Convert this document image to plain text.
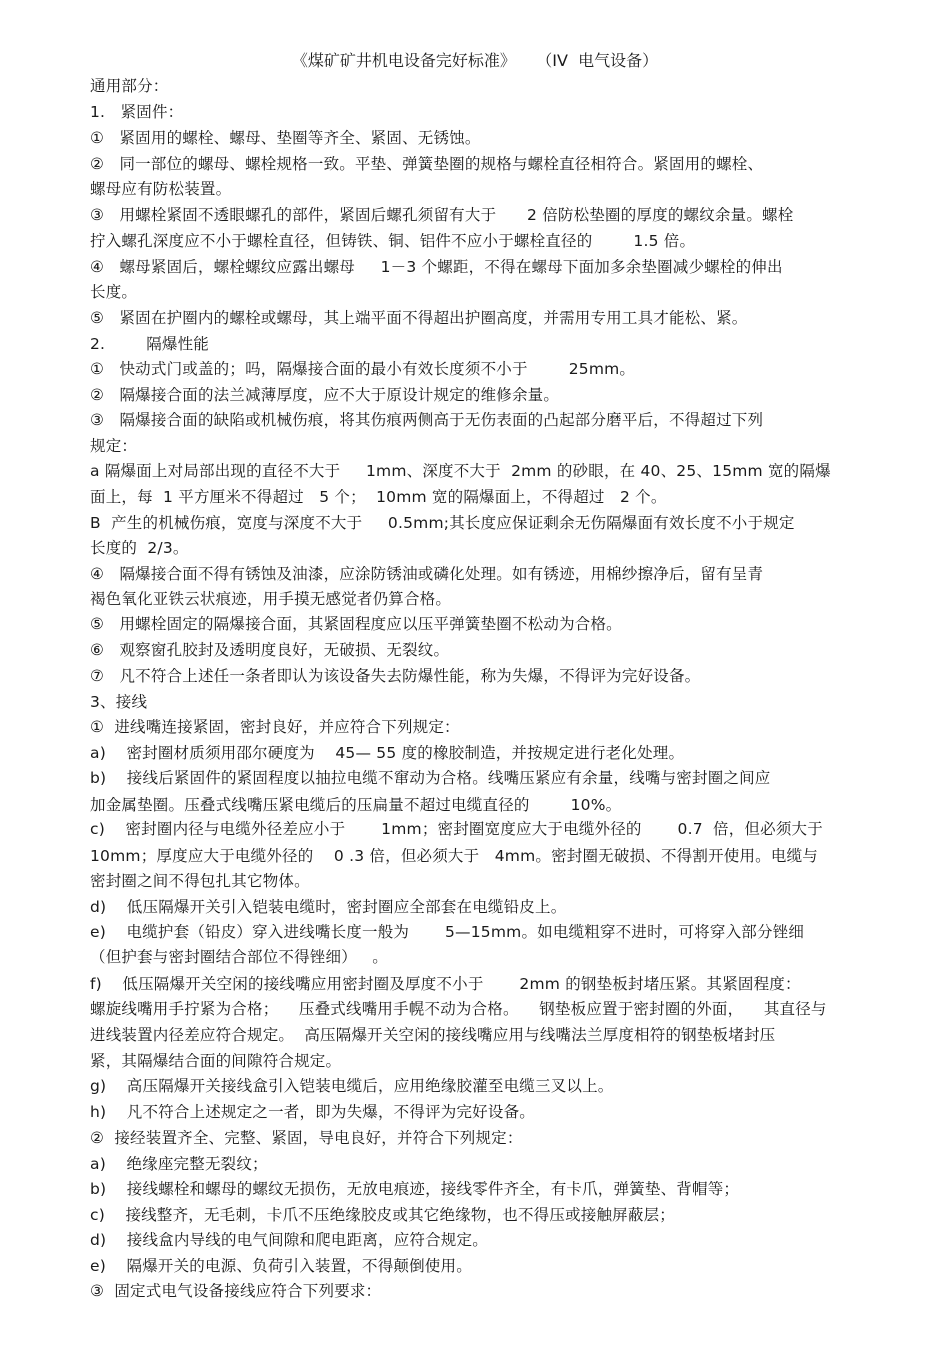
《煤矿矿井机电设备完好标准》    （IV  电气设备）
通用部分：
1.   紧固件：
①   紧固用的螺栓、螺母、垫圈等齐全、紧固、无锈蚀。
②   同一部位的螺母、螺栓规格一致。平垫、弹簧垫圈的规格与螺栓直径相符合。紧固用的螺栓、
螺母应有防松装置。
③   用螺栓紧固不透眼螺孔的部件，紧固后螺孔须留有大于      2 倍防松垫圈的厚度的螺纹余量。螺栓
拧入螺孔深度应不小于螺栓直径，但铸铁、铜、铝件不应小于螺栓直径的        1.5 倍。
④   螺母紧固后，螺栓螺纹应露出螺母     1－3 个螺距，不得在螺母下面加多余垫圈减少螺栓的伸出
长度。
⑤   紧固在护圈内的螺栓或螺母，其上端平面不得超出护圈高度，并需用专用工具才能松、紧。
2.        隔爆性能
①   快动式门或盖的；吗，隔爆接合面的最小有效长度须不小于        25mm。
②   隔爆接合面的法兰减薄厚度，应不大于原设计规定的维修余量。
③   隔爆接合面的缺陷或机械伤痕，将其伤痕两侧高于无伤表面的凸起部分磨平后，不得超过下列
规定：
a 隔爆面上对局部出现的直径不大于     1mm、深度不大于  2mm 的砂眼，在 40、25、15mm 宽的隔爆
面上，每  1 平方厘米不得超过   5 个；  10mm 宽的隔爆面上，不得超过   2 个。
B  产生的机械伤痕，宽度与深度不大于     0.5mm;其长度应保证剩余无伤隔爆面有效长度不小于规定
长度的  2/3。
④   隔爆接合面不得有锈蚀及油漆，应涂防锈油或磷化处理。如有锈迹，用棉纱擦净后，留有呈青
褐色氧化亚铁云状痕迹，用手摸无感觉者仍算合格。
⑤   用螺栓固定的隔爆接合面，其紧固程度应以压平弹簧垫圈不松动为合格。
⑥   观察窗孔胶封及透明度良好，无破损、无裂纹。
⑦   凡不符合上述任一条者即认为该设备失去防爆性能，称为失爆，不得评为完好设备。
3、接线
①  进线嘴连接紧固，密封良好，并应符合下列规定：
a)    密封圈材质须用邵尔硬度为    45— 55 度的橡胶制造，并按规定进行老化处理。
b)    接线后紧固件的紧固程度以抽拉电缆不窜动为合格。线嘴压紧应有余量，线嘴与密封圈之间应
加金属垫圈。压叠式线嘴压紧电缆后的压扁量不超过电缆直径的        10%。
c)    密封圈内径与电缆外径差应小于       1mm；密封圈宽度应大于电缆外径的       0.7  倍，但必须大于
10mm；厚度应大于电缆外径的    0 .3 倍，但必须大于   4mm。密封圈无破损、不得割开使用。电缆与
密封圈之间不得包扎其它物体。
d)    低压隔爆开关引入铠装电缆时，密封圈应全部套在电缆铅皮上。
e)    电缆护套（铅皮）穿入进线嘴长度一般为       5—15mm。如电缆粗穿不进时，可将穿入部分锉细
（但护套与密封圈结合部位不得锉细）   。
f)    低压隔爆开关空闲的接线嘴应用密封圈及厚度不小于       2mm 的钢垫板封堵压紧。其紧固程度：
螺旋线嘴用手拧紧为合格；    压叠式线嘴用手幌不动为合格。    钢垫板应置于密封圈的外面，    其直径与
进线装置内径差应符合规定。  高压隔爆开关空闲的接线嘴应用与线嘴法兰厚度相符的钢垫板堵封压
紧，其隔爆结合面的间隙符合规定。
g)    高压隔爆开关接线盒引入铠装电缆后，应用绝缘胶灌至电缆三叉以上。
h)    凡不符合上述规定之一者，即为失爆，不得评为完好设备。
②  接经装置齐全、完整、紧固，导电良好，并符合下列规定：
a)    绝缘座完整无裂纹；
b)    接线螺栓和螺母的螺纹无损伤，无放电痕迹，接线零件齐全，有卡爪，弹簧垫、背帽等；
c)    接线整齐，无毛刺，卡爪不压绝缘胶皮或其它绝缘物，也不得压或接触屏蔽层；
d)    接线盒内导线的电气间隙和爬电距离，应符合规定。
e)    隔爆开关的电源、负荷引入装置，不得颠倒使用。
③  固定式电气设备接线应符合下列要求：
